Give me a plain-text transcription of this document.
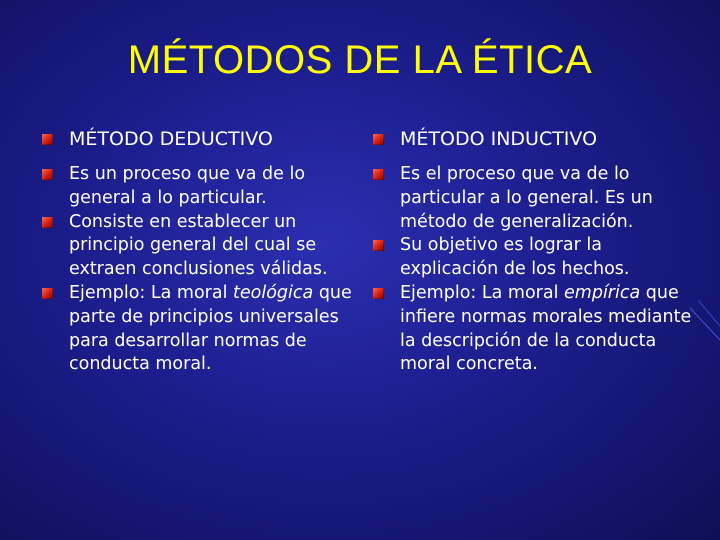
MÉTODOS DE LA ÉTICA
MÉTODO DEDUCTIVO
Es un proceso que va de lo general a lo particular.
Consiste en establecer un principio general del cual se extraen conclusiones válidas.
Ejemplo: La moral teológica que parte de principios universales para desarrollar normas de conducta moral.
MÉTODO INDUCTIVO
Es el proceso que va de lo particular a lo general. Es un método de generalización.
Su objetivo es lograr la explicación de los hechos.
Ejemplo: La moral empírica que infiere normas morales mediante la descripción de la conducta moral concreta.
